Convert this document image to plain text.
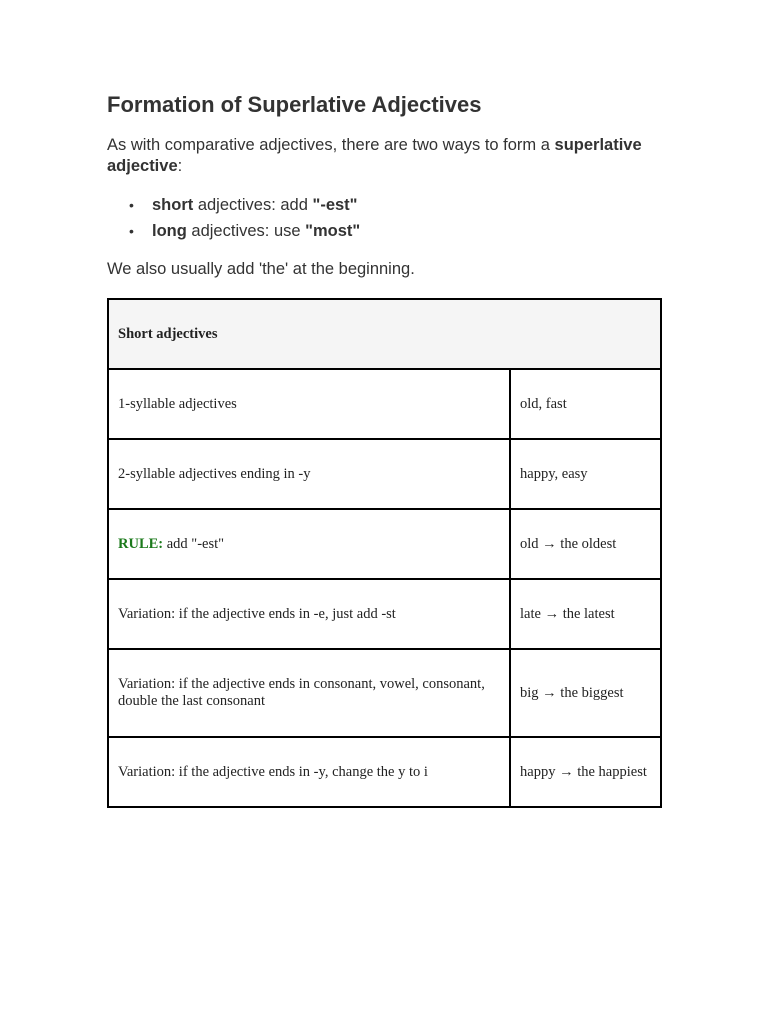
Formation of Superlative Adjectives

As with comparative adjectives, there are two ways to form a superlative adjective:

• short adjectives: add "-est"
• long adjectives: use "most"

We also usually add 'the' at the beginning.

Short adjectives	
1-syllable adjectives	old, fast
2-syllable adjectives ending in -y	happy, easy
RULE: add "-est"	old → the oldest
Variation: if the adjective ends in -e, just add -st	late → the latest
Variation: if the adjective ends in consonant, vowel, consonant, double the last consonant	big → the biggest
Variation: if the adjective ends in -y, change the y to i	happy → the happiest
